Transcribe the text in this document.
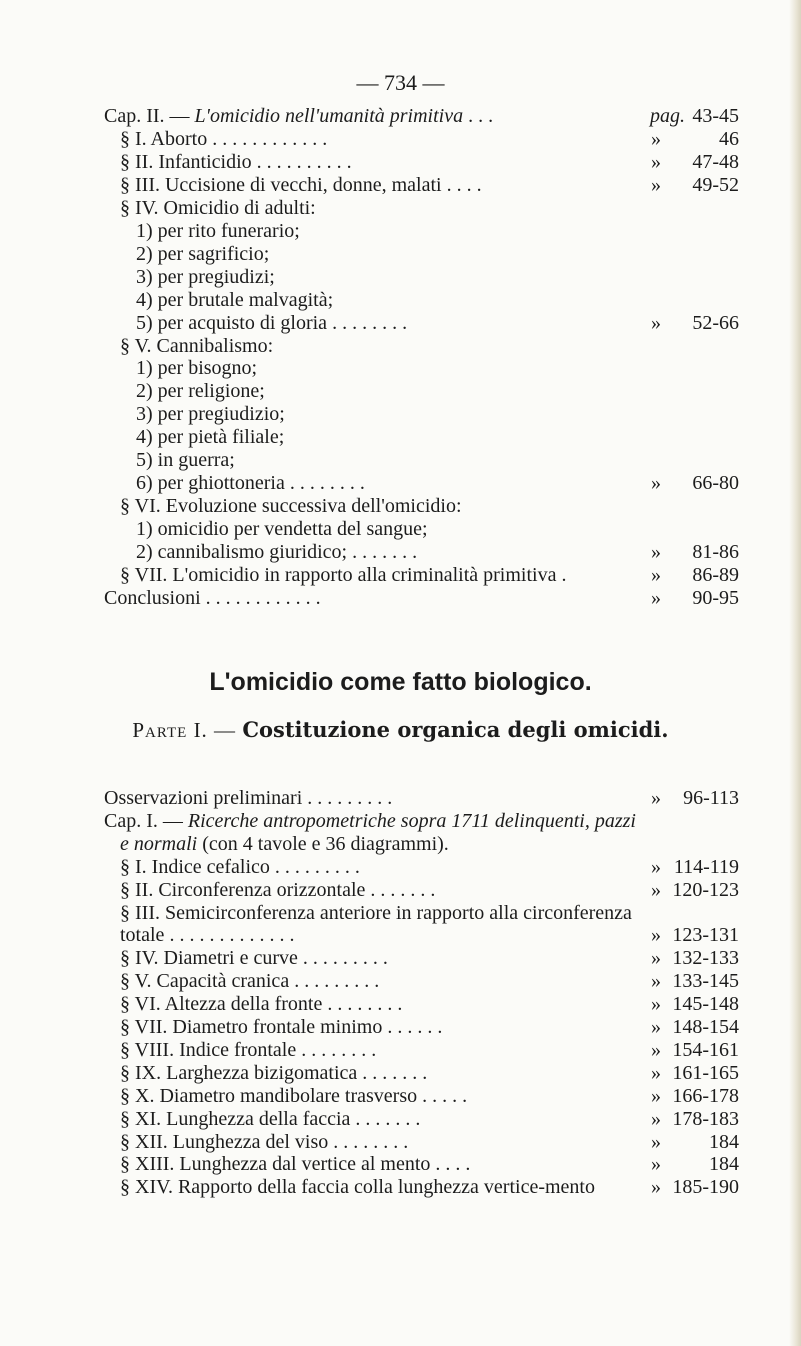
— 734 —
Cap. II. — L'omicidio nell'umanità primitiva . . .	pag. 43-45
§ I. Aborto . . . . . . . . . . . .	»	46
§ II. Infanticidio . . . . . . . . . .	» 47-48
§ III. Uccisione di vecchi, donne, malati . . . .	» 49-52
§ IV. Omicidio di adulti:
1) per rito funerario;
2) per sagrificio;
3) per pregiudizi;
4) per brutale malvagità;
5) per acquisto di gloria . . . . . . . .	» 52-66
§ V. Cannibalismo:
1) per bisogno;
2) per religione;
3) per pregiudizio;
4) per pietà filiale;
5) in guerra;
6) per ghiottoneria . . . . . . . .	» 66-80
§ VI. Evoluzione successiva dell'omicidio:
1) omicidio per vendetta del sangue;
2) cannibalismo giuridico; . . . . . . .	» 81-86
§ VII. L'omicidio in rapporto alla criminalità primitiva .	» 86-89
Conclusioni . . . . . . . . . . . .	» 90-95
L'omicidio come fatto biologico.
Parte I. — Costituzione organica degli omicidi.
Osservazioni preliminari . . . . . . . . .	» 96-113
Cap. I. — Ricerche antropometriche sopra 1711 delinquenti, pazzi
e normali (con 4 tavole e 36 diagrammi).
§ I. Indice cefalico . . . . . . . . .	» 114-119
§ II. Circonferenza orizzontale . . . . . . .	» 120-123
§ III. Semicirconferenza anteriore in rapporto alla circonferenza
totale . . . . . . . . . . . . .	» 123-131
§ IV. Diametri e curve . . . . . . . . .	» 132-133
§ V. Capacità cranica . . . . . . . . .	» 133-145
§ VI. Altezza della fronte . . . . . . . .	» 145-148
§ VII. Diametro frontale minimo . . . . . .	» 148-154
§ VIII. Indice frontale . . . . . . . .	» 154-161
§ IX. Larghezza bizigomatica . . . . . . .	» 161-165
§ X. Diametro mandibolare trasverso . . . . .	» 166-178
§ XI. Lunghezza della faccia . . . . . . .	» 178-183
§ XII. Lunghezza del viso . . . . . . . .	» 184
§ XIII. Lunghezza dal vertice al mento . . . .	» 184
§ XIV. Rapporto della faccia colla lunghezza vertice-mento	» 185-190
